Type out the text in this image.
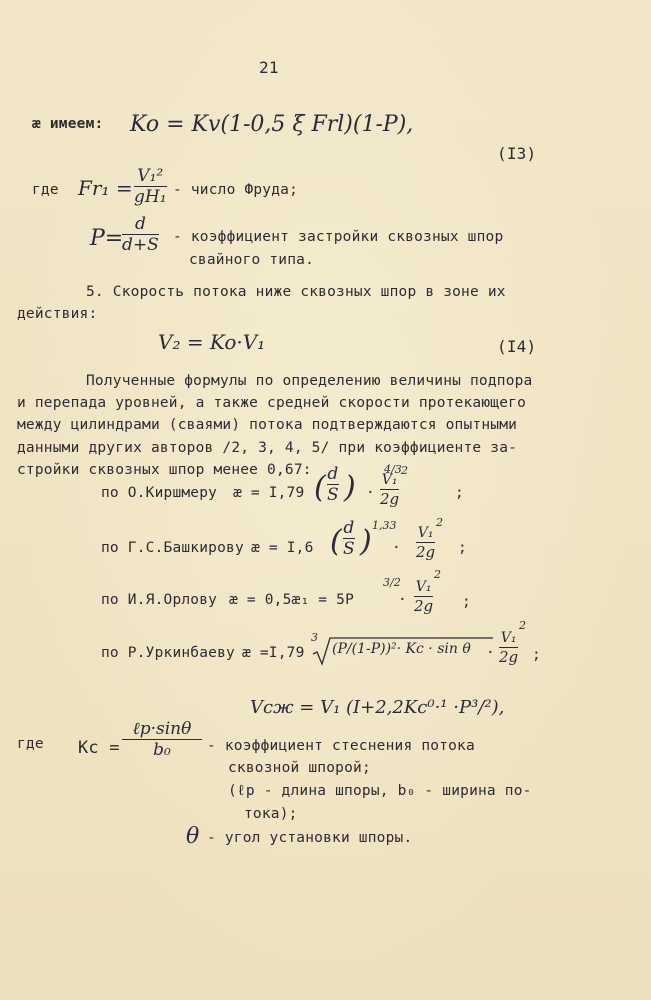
21
ӕ имеем: Ko = Kv(1-0,5 ξ Frl)(1-P),
(I3)
где Fr₁ = V₁²
gH₁ - число Фруда;
P=
d
d+S - коэффициент застройки сквозных шпор
свайного типа.
5. Скорость потока ниже сквозных шпор в зоне их
действия:
V₂ = Ko·V₁	(I4)
Полученные формулы по определению величины подпора
и перепада уровней, а также средней скорости протекающего
между цилиндрами (сваями) потока подтверждаются опытными
данными других авторов /2, 3, 4, 5/ при коэффициенте за-
стройки сквозных шпор менее 0,67:
по О.Киршмеру ӕ = I,79 ( d
S )
4/3
·
V₁
2g
2
;
по Г.С.Башкирову ӕ = I,6 ( d
S ) 1,33
·
V₁
2g
2
;
по И.Я.Орлову ӕ = 0,5ӕ₁ = 5P
3/2
·
V₁
2g
2
;
по Р.Уркинбаеву ӕ =I,79
3
(P/(1-P))²· Kc · sin θ ·
V₁
2g
2
;
Vсж = V₁ (I+2,2Kc⁰·¹ ·P³/²),
где Kc =
ℓp·sinθ
b₀ - коэффициент стеснения потока
сквозной шпорой;
(ℓp - длина шпоры, b₀ - ширина по-
тока);
θ - угол установки шпоры.
